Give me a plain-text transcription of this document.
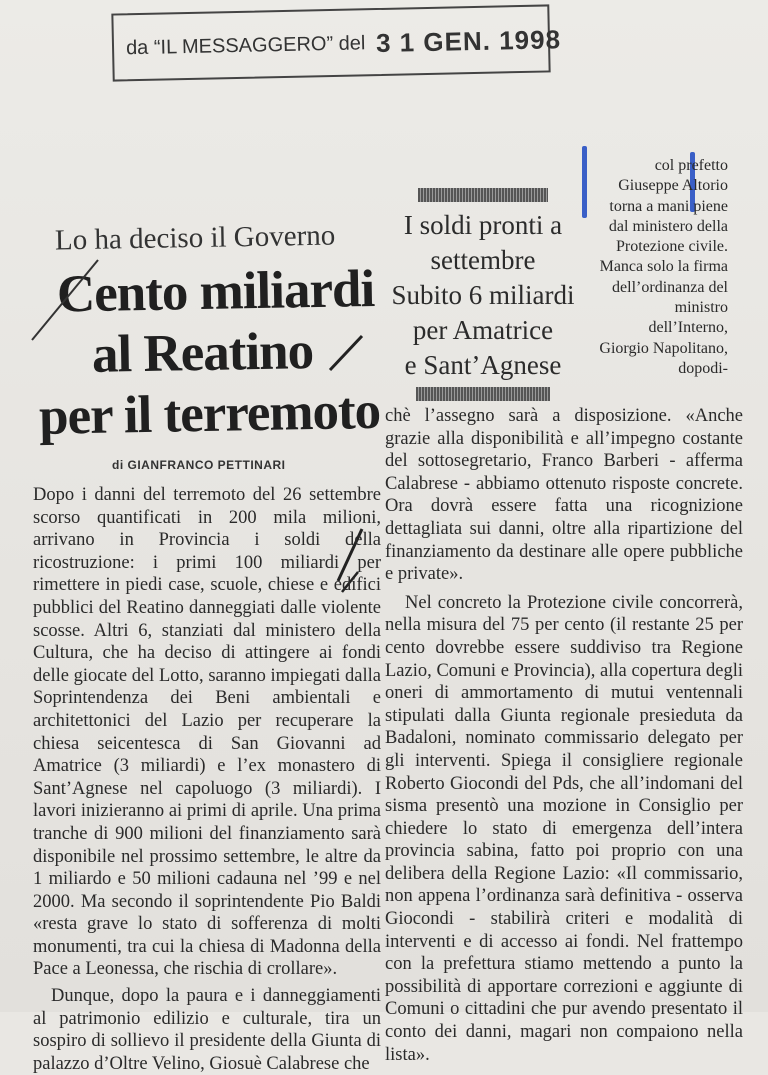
da “IL MESSAGGERO” del 3 1 GEN. 1998
Lo ha deciso il Governo
Cento miliardi
al Reatino
per il terremoto
I soldi pronti a
settembre
Subito 6 miliardi
per Amatrice
e Sant’Agnese
di GIANFRANCO PETTINARI

Dopo i danni del terremoto del 26 settembre scorso quantificati in 200 mila milioni, arrivano in Provincia i soldi della ricostruzione: i primi 100 miliardi per rimettere in piedi case, scuole, chiese e edifici pubblici del Reatino danneggiati dalle violente scosse. Altri 6, stanziati dal ministero della Cultura, che ha deciso di attingere ai fondi delle giocate del Lotto, saranno impiegati dalla Soprintendenza dei Beni ambientali e architettonici del Lazio per recuperare la chiesa seicentesca di San Giovanni ad Amatrice (3 miliardi) e l’ex monastero di Sant’Agnese nel capoluogo (3 miliardi). I lavori inizieranno ai primi di aprile. Una prima tranche di 900 milioni del finanziamento sarà disponibile nel prossimo settembre, le altre da 1 miliardo e 50 milioni cadauna nel ’99 e nel 2000. Ma secondo il soprintendente Pio Baldi «resta grave lo stato di sofferenza di molti monumenti, tra cui la chiesa di Madonna della Pace a Leonessa, che rischia di crollare».

Dunque, dopo la paura e i danneggiamenti al patrimonio edilizio e culturale, tira un sospiro di sollievo il presidente della Giunta di palazzo d’Oltre Velino, Giosuè Calabrese che

col prefetto Giuseppe Altorio torna a mani piene dal ministero della Protezione civile. Manca solo la firma dell’ordinanza del ministro dell’Interno, Giorgio Napolitano, dopodi-

chè l’assegno sarà a disposizione. «Anche grazie alla disponibilità e all’impegno costante del sottosegretario, Franco Barberi - afferma Calabrese - abbiamo ottenuto risposte concrete. Ora dovrà essere fatta una ricognizione dettagliata sui danni, oltre alla ripartizione del finanziamento da destinare alle opere pubbliche e private».

Nel concreto la Protezione civile concorrerà, nella misura del 75 per cento (il restante 25 per cento dovrebbe essere suddiviso tra Regione Lazio, Comuni e Provincia), alla copertura degli oneri di ammortamento di mutui ventennali stipulati dalla Giunta regionale presieduta da Badaloni, nominato commissario delegato per gli interventi. Spiega il consigliere regionale Roberto Giocondi del Pds, che all’indomani del sisma presentò una mozione in Consiglio per chiedere lo stato di emergenza dell’intera provincia sabina, fatto poi proprio con una delibera della Regione Lazio: «Il commissario, non appena l’ordinanza sarà definitiva - osserva Giocondi - stabilirà criteri e modalità di interventi e di accesso ai fondi. Nel frattempo con la prefettura stiamo mettendo a punto la possibilità di apportare correzioni e aggiunte di Comuni o cittadini che pur avendo presentato il conto dei danni, magari non compaiono nella lista».
